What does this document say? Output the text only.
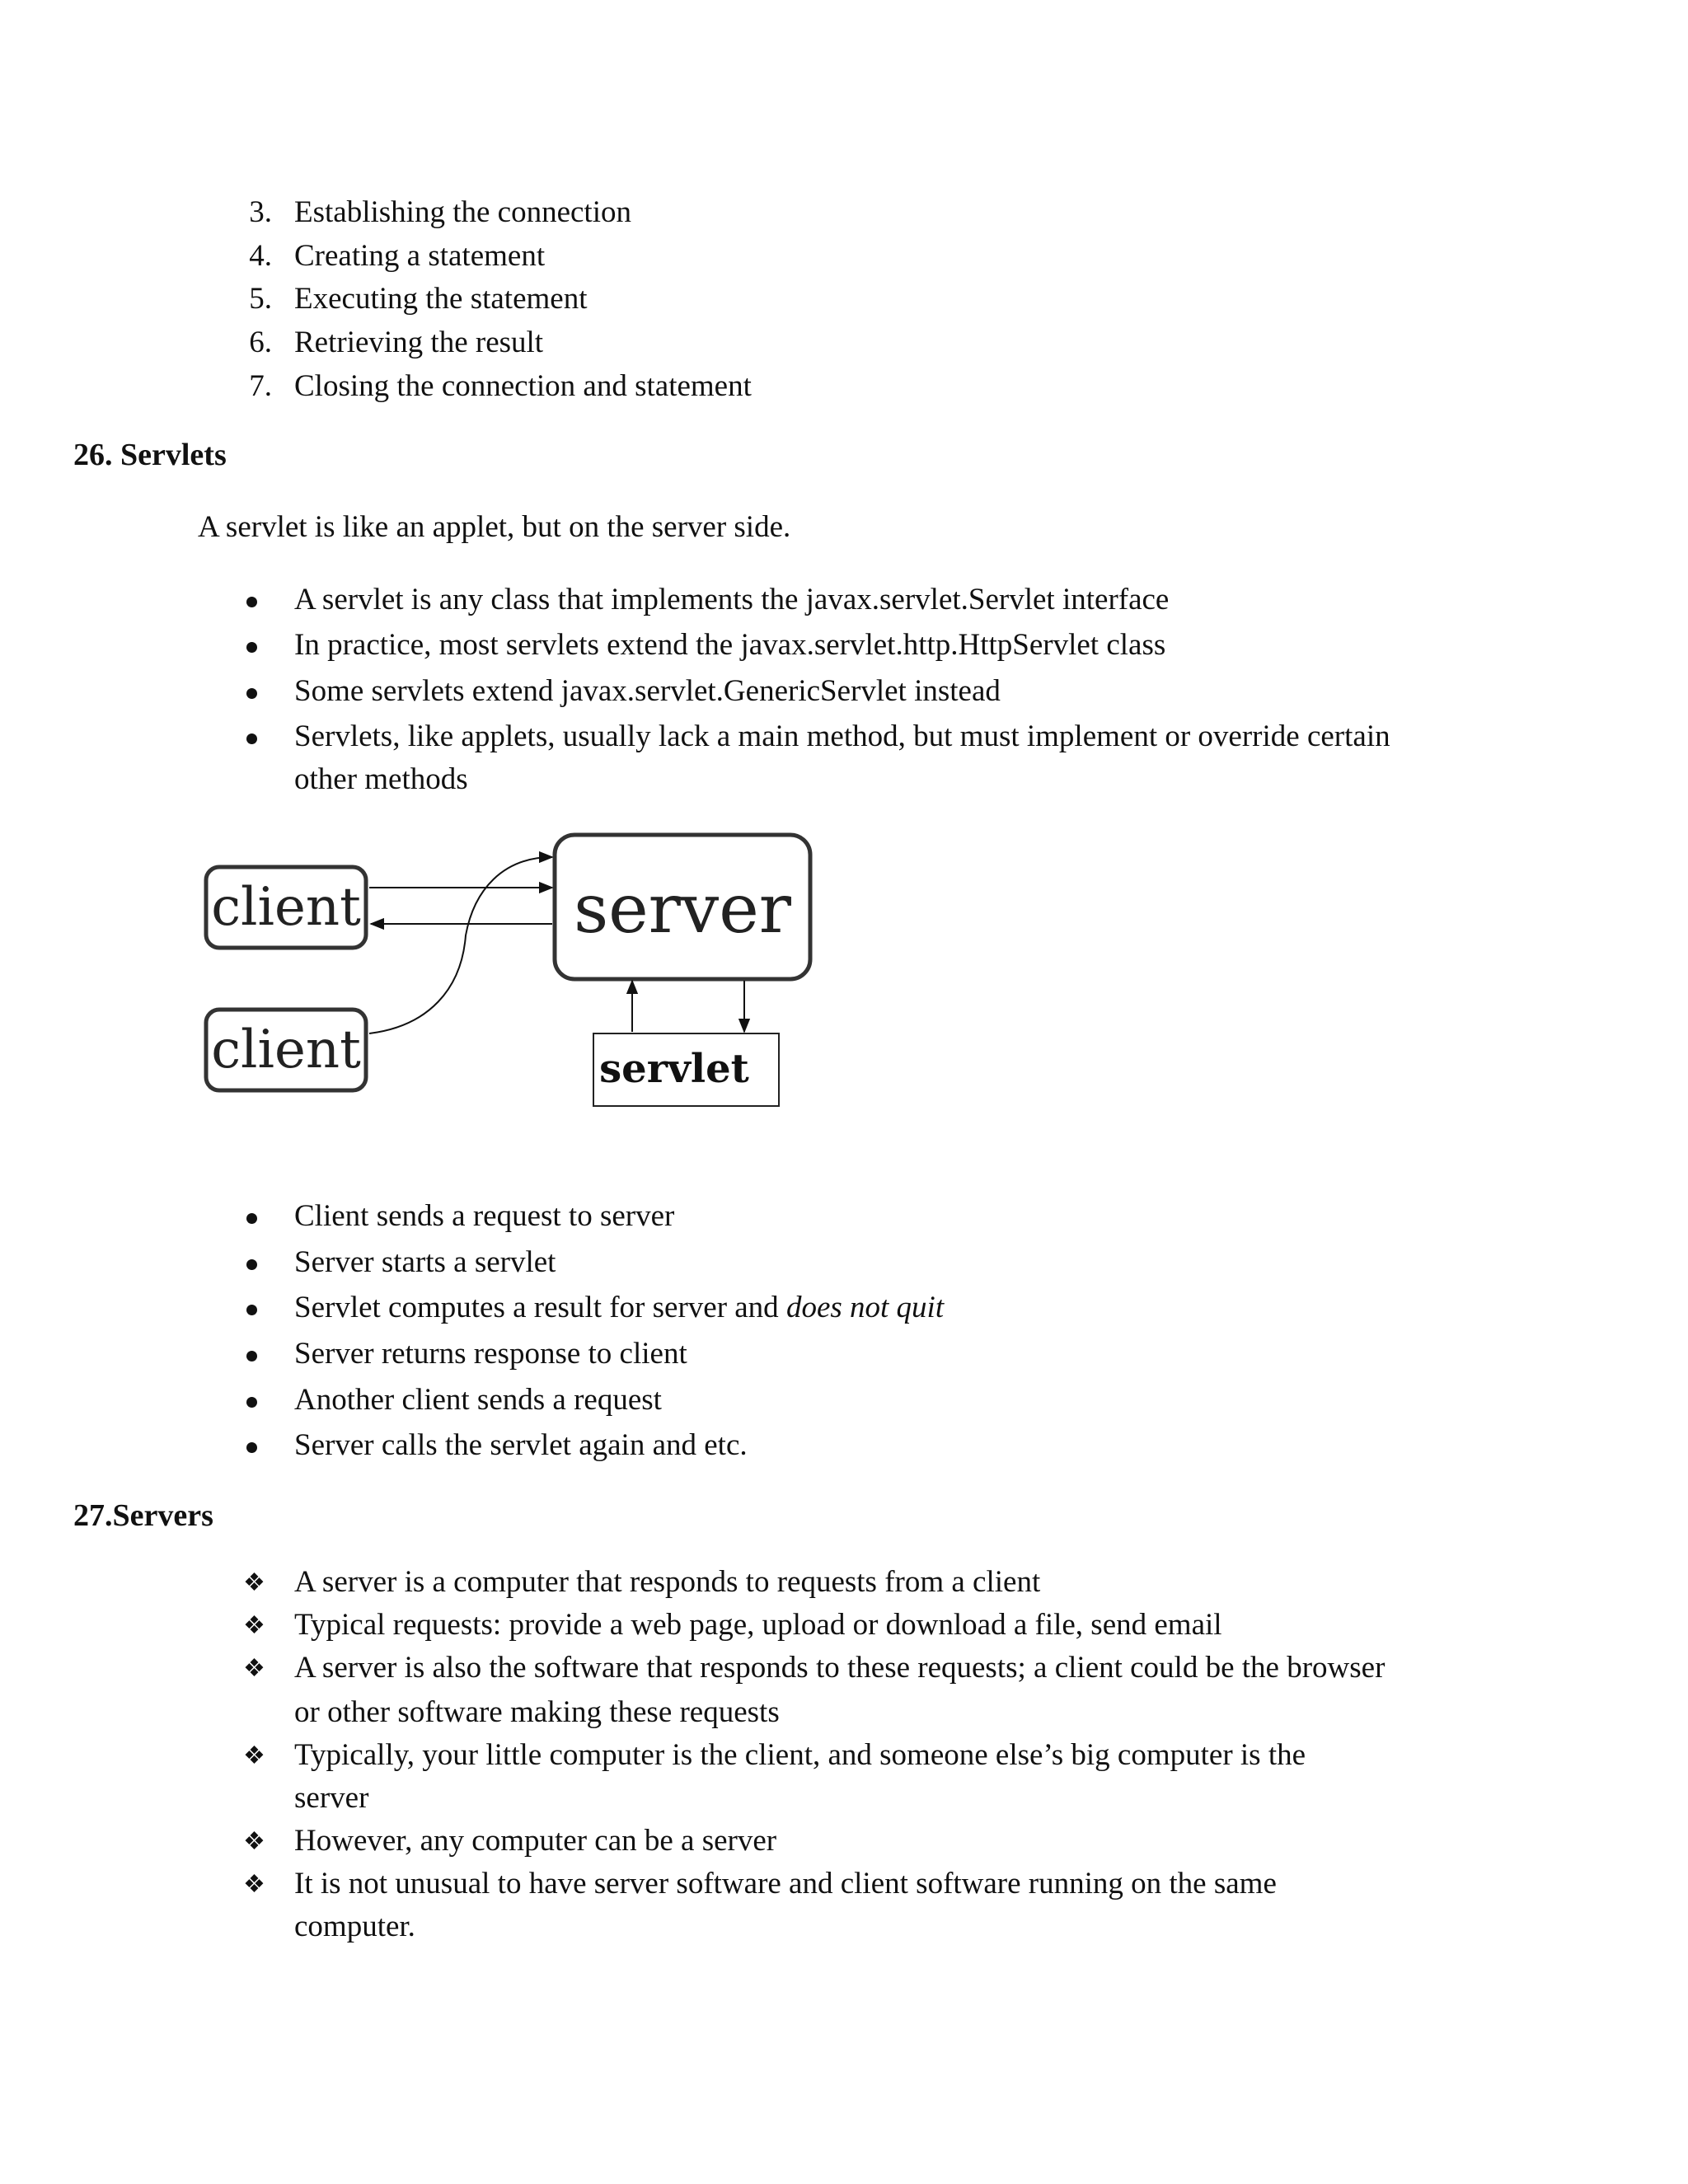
3. Establishing the connection
4. Creating a statement
5. Executing the statement
6. Retrieving the result
7. Closing the connection and statement
26. Servlets
A servlet is like an applet, but on the server side.
A servlet is any class that implements the javax.servlet.Servlet interface
In practice, most servlets extend the javax.servlet.http.HttpServlet class
Some servlets extend javax.servlet.GenericServlet instead
Servlets, like applets, usually lack a main method, but must implement or override certain
other methods
client
client
server
servlet
Client sends a request to server
Server starts a servlet
Servlet computes a result for server and does not quit
Server returns response to client
Another client sends a request
Server calls the servlet again and etc.
27.Servers
❖ A server is a computer that responds to requests from a client
❖ Typical requests: provide a web page, upload or download a file, send email
❖ A server is also the software that responds to these requests; a client could be the browser
or other software making these requests
❖ Typically, your little computer is the client, and someone else’s big computer is the
server
❖ However, any computer can be a server
❖ It is not unusual to have server software and client software running on the same
computer.
